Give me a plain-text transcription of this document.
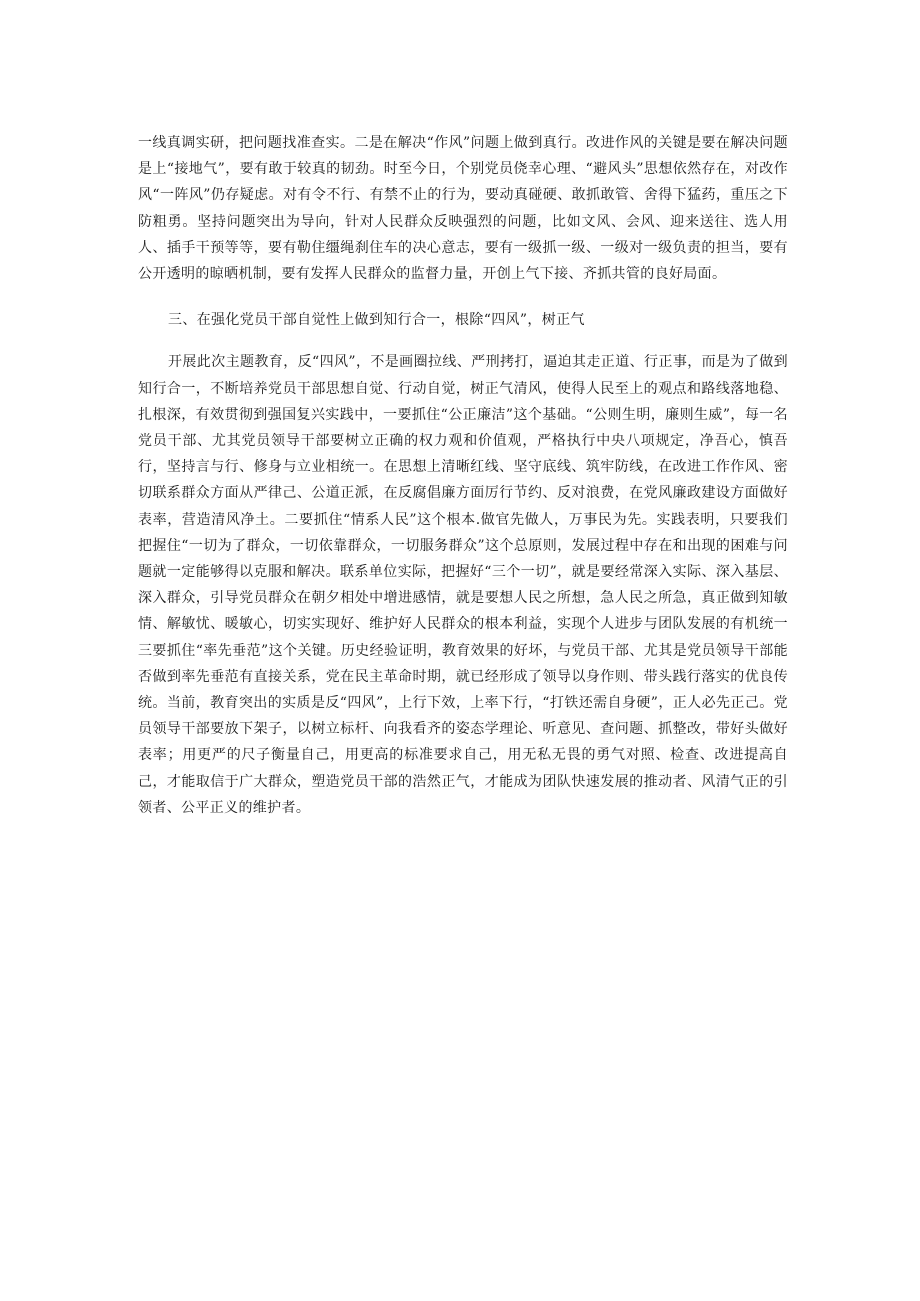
一线真调实研，把问题找准查实。二是在解决“作风”问题上做到真行。改进作风的关键是要在解决问题是上“接地气”，要有敢于较真的韧劲。时至今日，个别党员侥幸心理、“避风头”思想依然存在，对改作风“一阵风”仍存疑虑。对有令不行、有禁不止的行为，要动真碰硬、敢抓敢管、舍得下猛药，重压之下防粗勇。坚持问题突出为导向，针对人民群众反映强烈的问题，比如文风、会风、迎来送往、选人用人、插手干预等等，要有勒住缰绳刹住车的决心意志，要有一级抓一级、一级对一级负责的担当，要有公开透明的晾晒机制，要有发挥人民群众的监督力量，开创上气下接、齐抓共管的良好局面。

三、在强化党员干部自觉性上做到知行合一，根除“四风”，树正气

开展此次主题教育，反“四风”，不是画圈拉线、严刑拷打，逼迫其走正道、行正事，而是为了做到知行合一，不断培养党员干部思想自觉、行动自觉，树正气清风，使得人民至上的观点和路线落地稳、扎根深，有效贯彻到强国复兴实践中，一要抓住“公正廉洁”这个基础。“公则生明，廉则生威”，每一名党员干部、尤其党员领导干部要树立正确的权力观和价值观，严格执行中央八项规定，净吾心，慎吾行，坚持言与行、修身与立业相统一。在思想上清晰红线、坚守底线、筑牢防线，在改进工作作风、密切联系群众方面从严律己、公道正派，在反腐倡廉方面厉行节约、反对浪费，在党风廉政建设方面做好表率，营造清风净土。二要抓住“情系人民”这个根本.做官先做人，万事民为先。实践表明，只要我们把握住“一切为了群众，一切依靠群众，一切服务群众”这个总原则，发展过程中存在和出现的困难与问题就一定能够得以克服和解决。联系单位实际，把握好“三个一切”，就是要经常深入实际、深入基层、深入群众，引导党员群众在朝夕相处中增进感情，就是要想人民之所想，急人民之所急，真正做到知敏情、解敏忧、暖敏心，切实实现好、维护好人民群众的根本利益，实现个人进步与团队发展的有机统一三要抓住“率先垂范”这个关键。历史经验证明，教育效果的好坏，与党员干部、尤其是党员领导干部能否做到率先垂范有直接关系，党在民主革命时期，就已经形成了领导以身作则、带头践行落实的优良传统。当前，教育突出的实质是反“四风”，上行下效，上率下行，“打铁还需自身硬”，正人必先正己。党员领导干部要放下架子，以树立标杆、向我看齐的姿态学理论、听意见、查问题、抓整改，带好头做好表率；用更严的尺子衡量自己，用更高的标准要求自己，用无私无畏的勇气对照、检查、改进提高自己，才能取信于广大群众，塑造党员干部的浩然正气，才能成为团队快速发展的推动者、风清气正的引领者、公平正义的维护者。
